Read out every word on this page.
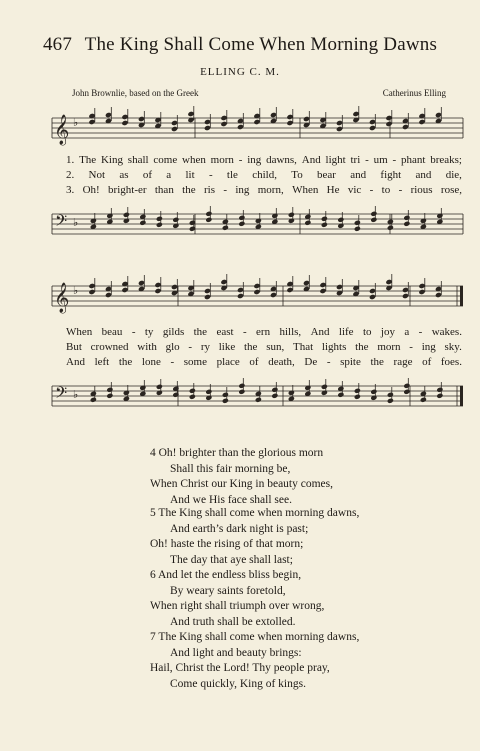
467 The King Shall Come When Morning Dawns
ELLING C. M.
John Brownlie, based on the Greek	Catherinus Elling
𝄞 ♭
1. The King shall come when morn - ing dawns, And light tri - um - phant breaks;
2. Not as of a lit - tle child, To bear and fight and die,
3. Oh! bright-er than the ris - ing morn, When He vic - to - rious rose,
𝄢 ♭
𝄞 ♭
When beau - ty gilds the east - ern hills, And life to joy a - wakes.
But crowned with glo - ry like the sun, That lights the morn - ing sky.
And left the lone - some place of death, De - spite the rage of foes.
𝄢 ♭
4 Oh! brighter than the glorious morn
Shall this fair morning be,
When Christ our King in beauty comes,
And we His face shall see.
5 The King shall come when morning dawns,
And earth’s dark night is past;
Oh! haste the rising of that morn;
The day that aye shall last;
6 And let the endless bliss begin,
By weary saints foretold,
When right shall triumph over wrong,
And truth shall be extolled.
7 The King shall come when morning dawns,
And light and beauty brings:
Hail, Christ the Lord! Thy people pray,
Come quickly, King of kings.
